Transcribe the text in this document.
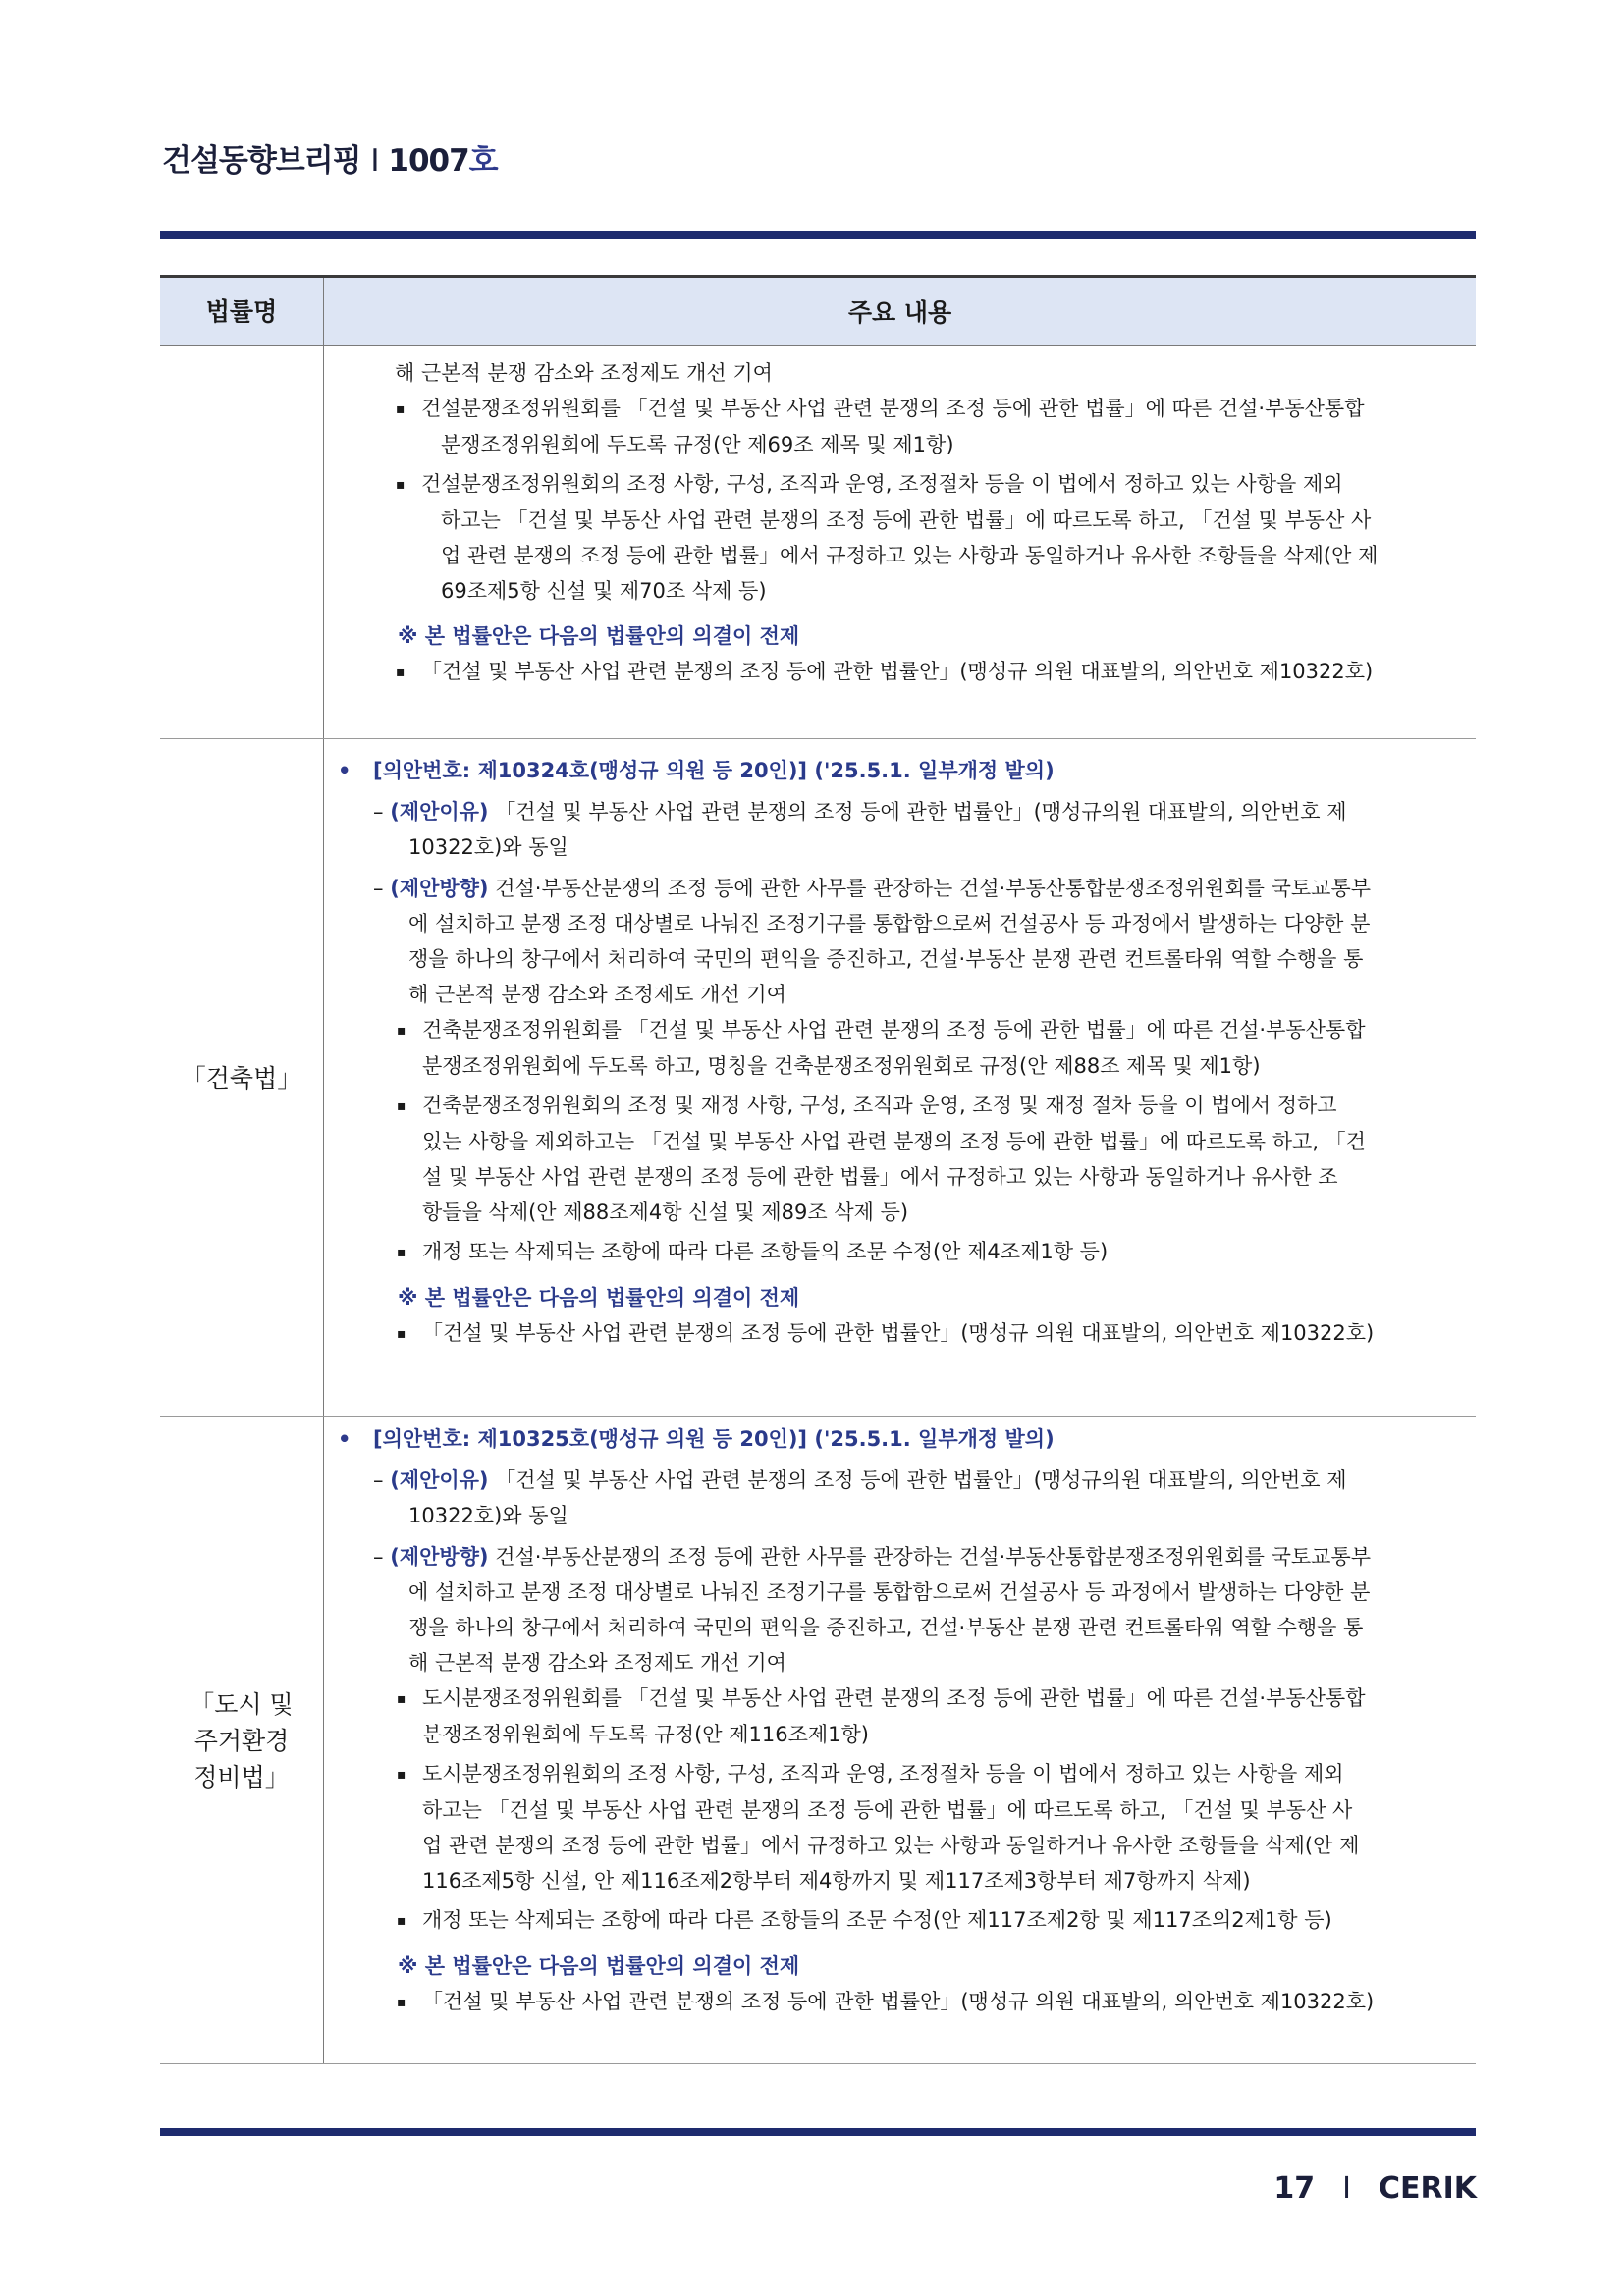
건설동향브리핑 I 1007호
법률명	주요 내용
해 근본적 분쟁 감소와 조정제도 개선 기여
▪ 건설분쟁조정위원회를 「건설 및 부동산 사업 관련 분쟁의 조정 등에 관한 법률」에 따른 건설·부동산통합
분쟁조정위원회에 두도록 규정(안 제69조 제목 및 제1항)
▪ 건설분쟁조정위원회의 조정 사항, 구성, 조직과 운영, 조정절차 등을 이 법에서 정하고 있는 사항을 제외
하고는 「건설 및 부동산 사업 관련 분쟁의 조정 등에 관한 법률」에 따르도록 하고, 「건설 및 부동산 사
업 관련 분쟁의 조정 등에 관한 법률」에서 규정하고 있는 사항과 동일하거나 유사한 조항들을 삭제(안 제
69조제5항 신설 및 제70조 삭제 등)
※ 본 법률안은 다음의 법률안의 의결이 전제
▪ 「건설 및 부동산 사업 관련 분쟁의 조정 등에 관한 법률안」(맹성규 의원 대표발의, 의안번호 제10322호)
「건축법」
• [의안번호: 제10324호(맹성규 의원 등 20인)] ('25.5.1. 일부개정 발의)
– (제안이유) 「건설 및 부동산 사업 관련 분쟁의 조정 등에 관한 법률안」(맹성규의원 대표발의, 의안번호 제
10322호)와 동일
– (제안방향) 건설·부동산분쟁의 조정 등에 관한 사무를 관장하는 건설·부동산통합분쟁조정위원회를 국토교통부
에 설치하고 분쟁 조정 대상별로 나눠진 조정기구를 통합함으로써 건설공사 등 과정에서 발생하는 다양한 분
쟁을 하나의 창구에서 처리하여 국민의 편익을 증진하고, 건설·부동산 분쟁 관련 컨트롤타워 역할 수행을 통
해 근본적 분쟁 감소와 조정제도 개선 기여
▪ 건축분쟁조정위원회를 「건설 및 부동산 사업 관련 분쟁의 조정 등에 관한 법률」에 따른 건설·부동산통합
분쟁조정위원회에 두도록 하고, 명칭을 건축분쟁조정위원회로 규정(안 제88조 제목 및 제1항)
▪ 건축분쟁조정위원회의 조정 및 재정 사항, 구성, 조직과 운영, 조정 및 재정 절차 등을 이 법에서 정하고
있는 사항을 제외하고는 「건설 및 부동산 사업 관련 분쟁의 조정 등에 관한 법률」에 따르도록 하고, 「건
설 및 부동산 사업 관련 분쟁의 조정 등에 관한 법률」에서 규정하고 있는 사항과 동일하거나 유사한 조
항들을 삭제(안 제88조제4항 신설 및 제89조 삭제 등)
▪ 개정 또는 삭제되는 조항에 따라 다른 조항들의 조문 수정(안 제4조제1항 등)
※ 본 법률안은 다음의 법률안의 의결이 전제
▪ 「건설 및 부동산 사업 관련 분쟁의 조정 등에 관한 법률안」(맹성규 의원 대표발의, 의안번호 제10322호)
「도시 및
주거환경
정비법」
• [의안번호: 제10325호(맹성규 의원 등 20인)] ('25.5.1. 일부개정 발의)
– (제안이유) 「건설 및 부동산 사업 관련 분쟁의 조정 등에 관한 법률안」(맹성규의원 대표발의, 의안번호 제
10322호)와 동일
– (제안방향) 건설·부동산분쟁의 조정 등에 관한 사무를 관장하는 건설·부동산통합분쟁조정위원회를 국토교통부
에 설치하고 분쟁 조정 대상별로 나눠진 조정기구를 통합함으로써 건설공사 등 과정에서 발생하는 다양한 분
쟁을 하나의 창구에서 처리하여 국민의 편익을 증진하고, 건설·부동산 분쟁 관련 컨트롤타워 역할 수행을 통
해 근본적 분쟁 감소와 조정제도 개선 기여
▪ 도시분쟁조정위원회를 「건설 및 부동산 사업 관련 분쟁의 조정 등에 관한 법률」에 따른 건설·부동산통합
분쟁조정위원회에 두도록 규정(안 제116조제1항)
▪ 도시분쟁조정위원회의 조정 사항, 구성, 조직과 운영, 조정절차 등을 이 법에서 정하고 있는 사항을 제외
하고는 「건설 및 부동산 사업 관련 분쟁의 조정 등에 관한 법률」에 따르도록 하고, 「건설 및 부동산 사
업 관련 분쟁의 조정 등에 관한 법률」에서 규정하고 있는 사항과 동일하거나 유사한 조항들을 삭제(안 제
116조제5항 신설, 안 제116조제2항부터 제4항까지 및 제117조제3항부터 제7항까지 삭제)
▪ 개정 또는 삭제되는 조항에 따라 다른 조항들의 조문 수정(안 제117조제2항 및 제117조의2제1항 등)
※ 본 법률안은 다음의 법률안의 의결이 전제
▪ 「건설 및 부동산 사업 관련 분쟁의 조정 등에 관한 법률안」(맹성규 의원 대표발의, 의안번호 제10322호)
17 I CERIK
